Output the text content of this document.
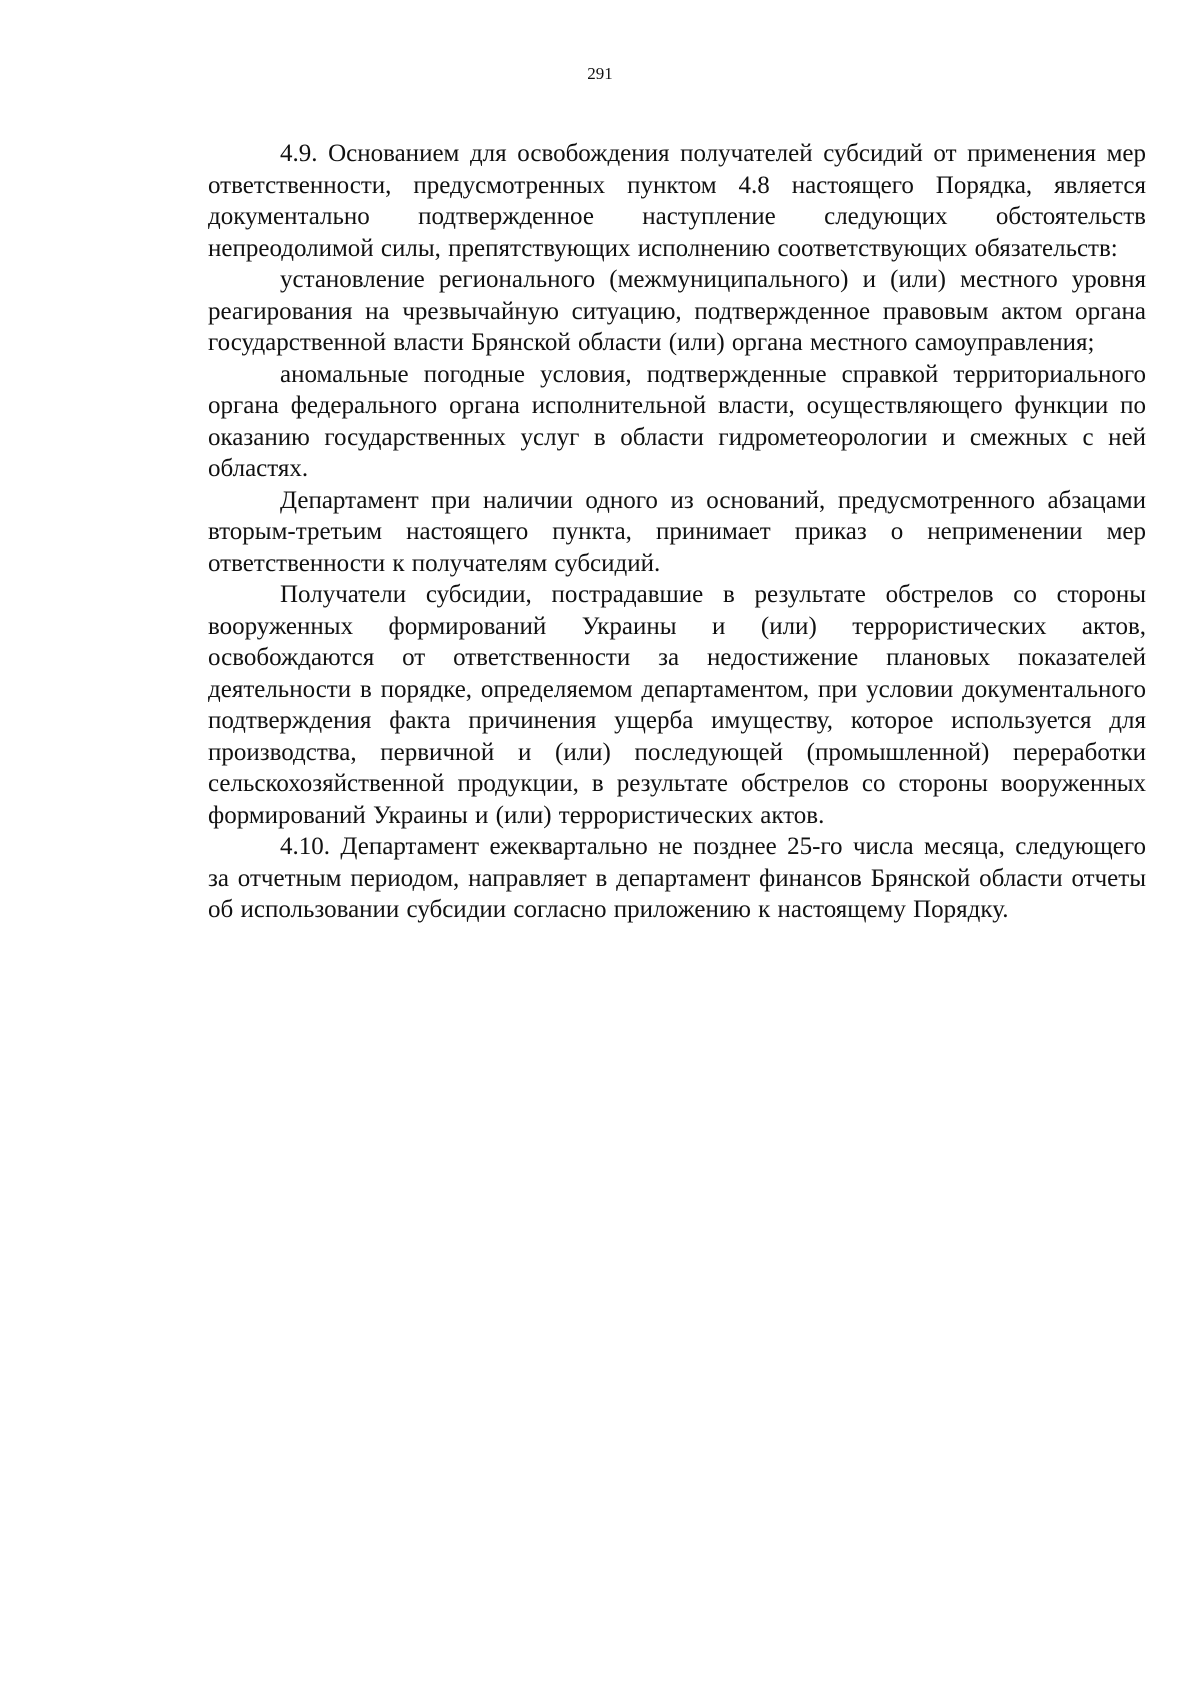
291

4.9. Основанием для освобождения получателей субсидий от применения мер ответственности, предусмотренных пунктом 4.8 настоящего Порядка, является документально подтвержденное наступление следующих обстоятельств непреодолимой силы, препятствующих исполнению соответствующих обязательств:

установление регионального (межмуниципального) и (или) местного уровня реагирования на чрезвычайную ситуацию, подтвержденное правовым актом органа государственной власти Брянской области (или) органа местного самоуправления;

аномальные погодные условия, подтвержденные справкой территориального органа федерального органа исполнительной власти, осуществляющего функции по оказанию государственных услуг в области гидрометеорологии и смежных с ней областях.

Департамент при наличии одного из оснований, предусмотренного абзацами вторым-третьим настоящего пункта, принимает приказ о неприменении мер ответственности к получателям субсидий.

Получатели субсидии, пострадавшие в результате обстрелов со стороны вооруженных формирований Украины и (или) террористических актов, освобождаются от ответственности за недостижение плановых показателей деятельности в порядке, определяемом департаментом, при условии документального подтверждения факта причинения ущерба имуществу, которое используется для производства, первичной и (или) последующей (промышленной) переработки сельскохозяйственной продукции, в результате обстрелов со стороны вооруженных формирований Украины и (или) террористических актов.

4.10. Департамент ежеквартально не позднее 25-го числа месяца, следующего за отчетным периодом, направляет в департамент финансов Брянской области отчеты об использовании субсидии согласно приложению к настоящему Порядку.
